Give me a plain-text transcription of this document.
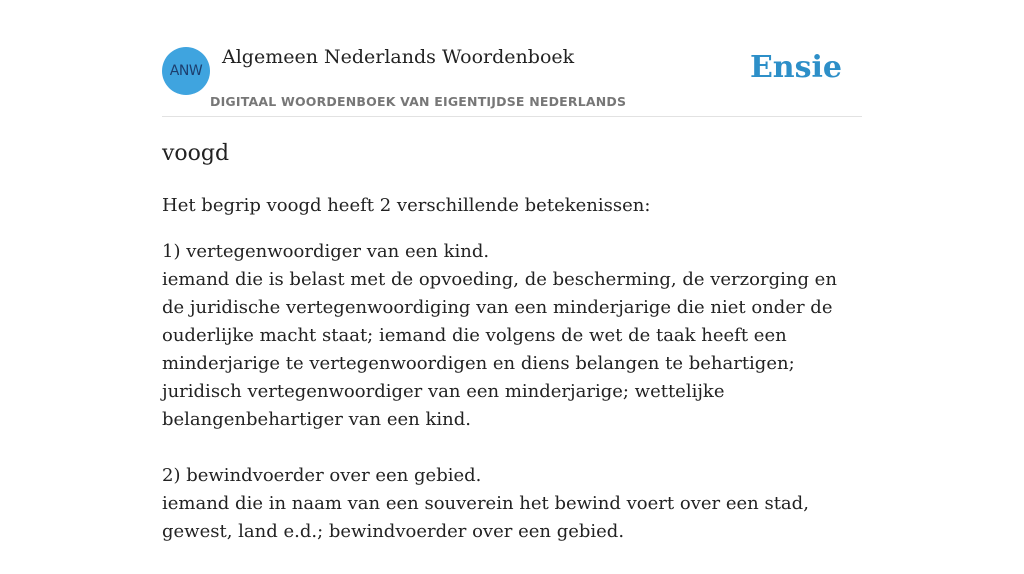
ANW
Algemeen Nederlands Woordenboek
DIGITAAL WOORDENBOEK VAN EIGENTIJDSE NEDERLANDS
Ensie
voogd

Het begrip voogd heeft 2 verschillende betekenissen:

1) vertegenwoordiger van een kind.
iemand die is belast met de opvoeding, de bescherming, de verzorging en de juridische vertegenwoordiging van een minderjarige die niet onder de ouderlijke macht staat; iemand die volgens de wet de taak heeft een minderjarige te vertegenwoordigen en diens belangen te behartigen; juridisch vertegenwoordiger van een minderjarige; wettelijke belangenbehartiger van een kind.
2) bewindvoerder over een gebied.
iemand die in naam van een souverein het bewind voert over een stad, gewest, land e.d.; bewindvoerder over een gebied.
